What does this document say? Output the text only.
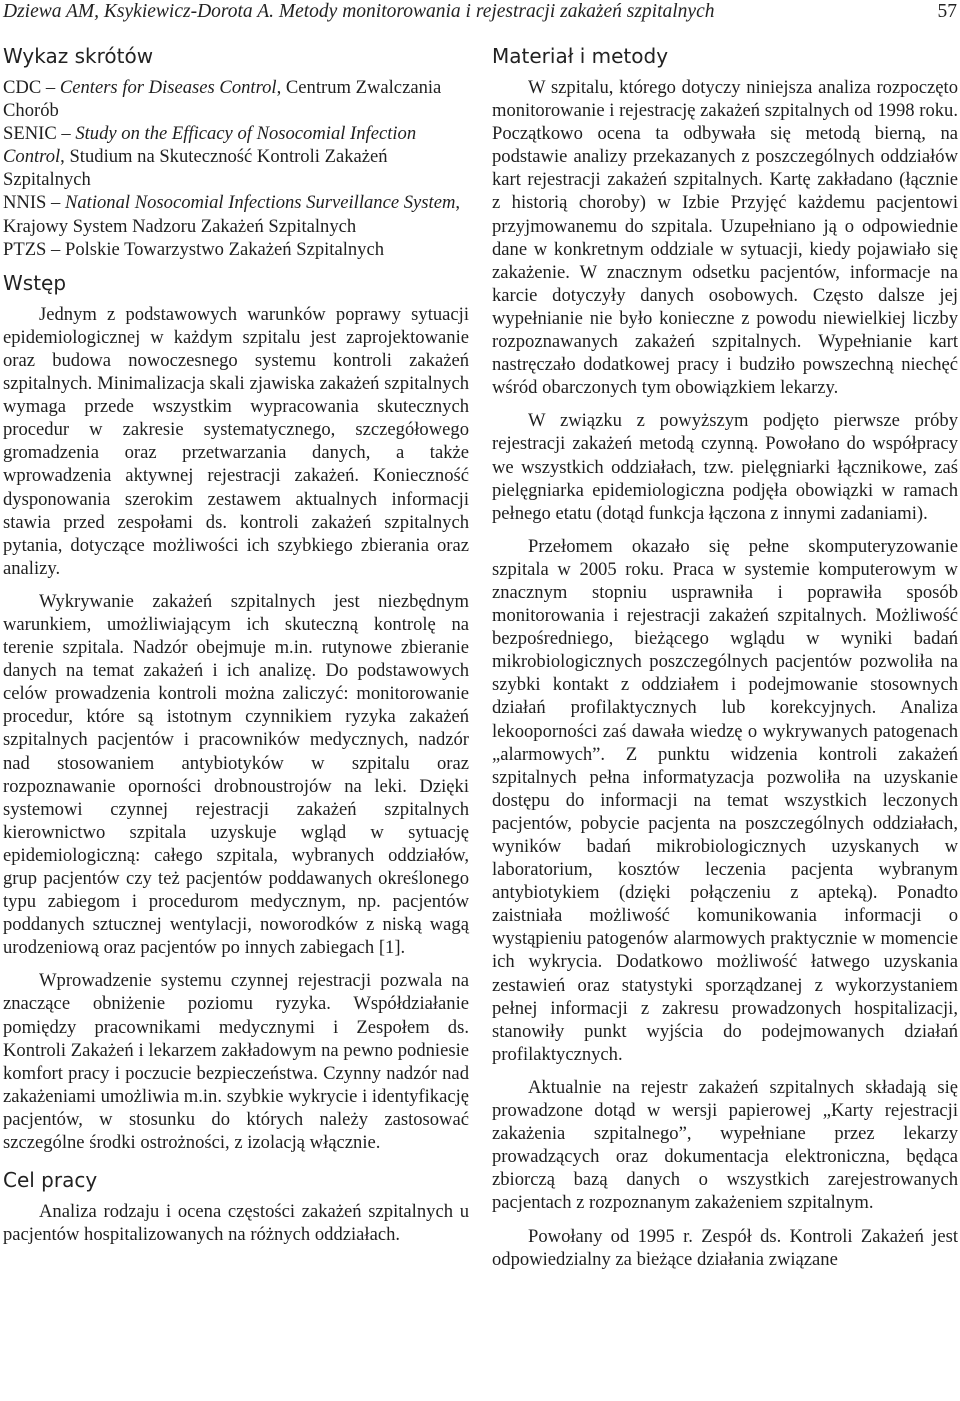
Dziewa AM, Ksykiewicz-Dorota A. Metody monitorowania i rejestracji zakażeń szpitalnych	57
Wykaz skrótów
CDC – Centers for Diseases Control, Centrum Zwalczania Chorób
SENIC – Study on the Efficacy of Nosocomial Infection Control, Studium na Skuteczność Kontroli Zakażeń Szpitalnych
NNIS – National Nosocomial Infections Surveillance System, Krajowy System Nadzoru Zakażeń Szpitalnych
PTZS – Polskie Towarzystwo Zakażeń Szpitalnych
Wstęp

Jednym z podstawowych warunków poprawy sytuacji epidemiologicznej w każdym szpitalu jest zaprojektowanie oraz budowa nowoczesnego systemu kontroli zakażeń szpitalnych. Minimalizacja skali zjawiska zakażeń szpitalnych wymaga przede wszystkim wypracowania skutecznych procedur w zakresie systematycznego, szczegółowego gromadzenia oraz przetwarzania danych, a także wprowadzenia aktywnej rejestracji zakażeń. Konieczność dysponowania szerokim zestawem aktualnych informacji stawia przed zespołami ds. kontroli zakażeń szpitalnych pytania, dotyczące możliwości ich szybkiego zbierania oraz analizy.

Wykrywanie zakażeń szpitalnych jest niezbędnym warunkiem, umożliwiającym ich skuteczną kontrolę na terenie szpitala. Nadzór obejmuje m.in. rutynowe zbieranie danych na temat zakażeń i ich analizę. Do podstawowych celów prowadzenia kontroli można zaliczyć: monitorowanie procedur, które są istotnym czynnikiem ryzyka zakażeń szpitalnych pacjentów i pracowników medycznych, nadzór nad stosowaniem antybiotyków w szpitalu oraz rozpoznawanie oporności drobnoustrojów na leki. Dzięki systemowi czynnej rejestracji zakażeń szpitalnych kierownictwo szpitala uzyskuje wgląd w sytuację epidemiologiczną: całego szpitala, wybranych oddziałów, grup pacjentów czy też pacjentów poddawanych określonego typu zabiegom i procedurom medycznym, np. pacjentów poddanych sztucznej wentylacji, noworodków z niską wagą urodzeniową oraz pacjentów po innych zabiegach [1].

Wprowadzenie systemu czynnej rejestracji pozwala na znaczące obniżenie poziomu ryzyka. Współdziałanie pomiędzy pracownikami medycznymi i Zespołem ds. Kontroli Zakażeń i lekarzem zakładowym na pewno podniesie komfort pracy i poczucie bezpieczeństwa. Czynny nadzór nad zakażeniami umożliwia m.in. szybkie wykrycie i identyfikację pacjentów, w stosunku do których należy zastosować szczególne środki ostrożności, z izolacją włącznie.

Cel pracy

Analiza rodzaju i ocena częstości zakażeń szpitalnych u pacjentów hospitalizowanych na różnych oddziałach.

Materiał i metody

W szpitalu, którego dotyczy niniejsza analiza rozpoczęto monitorowanie i rejestrację zakażeń szpitalnych od 1998 roku. Początkowo ocena ta odbywała się metodą bierną, na podstawie analizy przekazanych z poszczególnych oddziałów kart rejestracji zakażeń szpitalnych. Kartę zakładano (łącznie z historią choroby) w Izbie Przyjęć każdemu pacjentowi przyjmowanemu do szpitala. Uzupełniano ją o odpowiednie dane w konkretnym oddziale w sytuacji, kiedy pojawiało się zakażenie. W znacznym odsetku pacjentów, informacje na karcie dotyczyły danych osobowych. Często dalsze jej wypełnianie nie było konieczne z powodu niewielkiej liczby rozpoznawanych zakażeń szpitalnych. Wypełnianie kart nastręczało dodatkowej pracy i budziło powszechną niechęć wśród obarczonych tym obowiązkiem lekarzy.

W związku z powyższym podjęto pierwsze próby rejestracji zakażeń metodą czynną. Powołano do współpracy we wszystkich oddziałach, tzw. pielęgniarki łącznikowe, zaś pielęgniarka epidemiologiczna podjęła obowiązki w ramach pełnego etatu (dotąd funkcja łączona z innymi zadaniami).

Przełomem okazało się pełne skomputeryzowanie szpitala w 2005 roku. Praca w systemie komputerowym w znacznym stopniu usprawniła i poprawiła sposób monitorowania i rejestracji zakażeń szpitalnych. Możliwość bezpośredniego, bieżącego wglądu w wyniki badań mikrobiologicznych poszczególnych pacjentów pozwoliła na szybki kontakt z oddziałem i podejmowanie stosownych działań profilaktycznych lub korekcyjnych. Analiza lekooporności zaś dawała wiedzę o wykrywanych patogenach „alarmowych”. Z punktu widzenia kontroli zakażeń szpitalnych pełna informatyzacja pozwoliła na uzyskanie dostępu do informacji na temat wszystkich leczonych pacjentów, pobycie pacjenta na poszczególnych oddziałach, wyników badań mikrobiologicznych uzyskanych w laboratorium, kosztów leczenia pacjenta wybranym antybiotykiem (dzięki połączeniu z apteką). Ponadto zaistniała możliwość komunikowania informacji o wystąpieniu patogenów alarmowych praktycznie w momencie ich wykrycia. Dodatkowo możliwość łatwego uzyskania zestawień oraz statystyki sporządzanej z wykorzystaniem pełnej informacji z zakresu prowadzonych hospitalizacji, stanowiły punkt wyjścia do podejmowanych działań profilaktycznych.

Aktualnie na rejestr zakażeń szpitalnych składają się prowadzone dotąd w wersji papierowej „Karty rejestracji zakażenia szpitalnego”, wypełniane przez lekarzy prowadzących oraz dokumentacja elektroniczna, będąca zbiorczą bazą danych o wszystkich zarejestrowanych pacjentach z rozpoznanym zakażeniem szpitalnym.

Powołany od 1995 r. Zespół ds. Kontroli Zakażeń jest odpowiedzialny za bieżące działania związane
